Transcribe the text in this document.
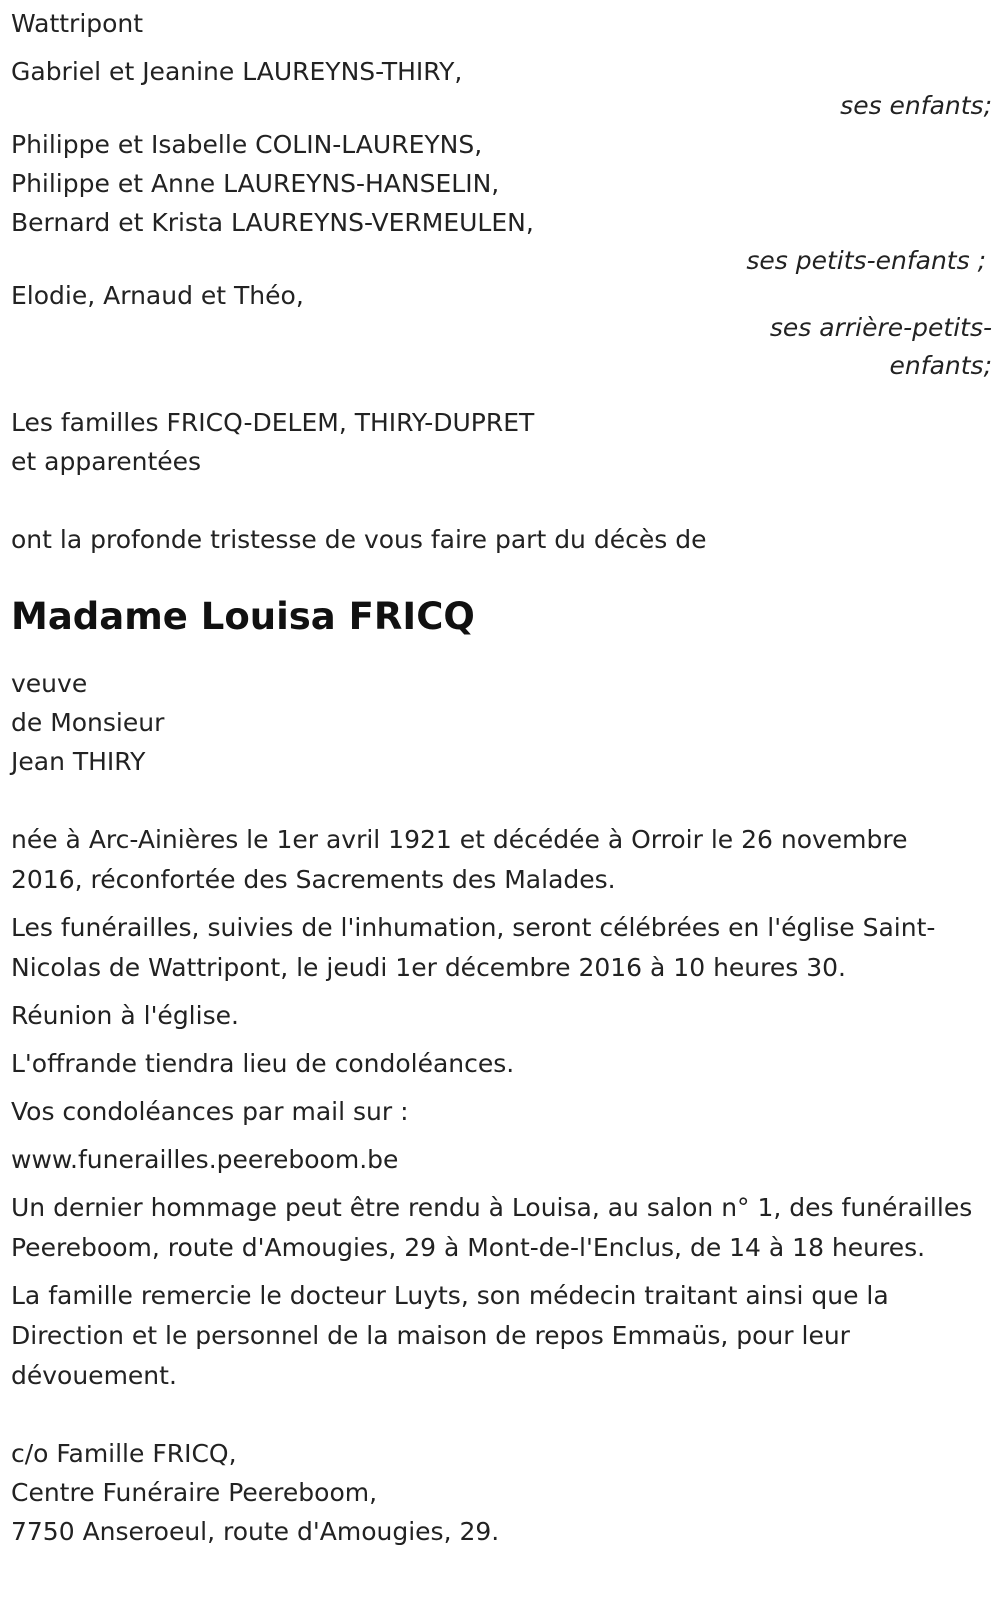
Wattripont
Gabriel et Jeanine LAUREYNS-THIRY,
ses enfants;
Philippe et Isabelle COLIN-LAUREYNS,
Philippe et Anne LAUREYNS-HANSELIN,
Bernard et Krista LAUREYNS-VERMEULEN,
ses petits-enfants ;
Elodie, Arnaud et Théo,
ses arrière-petits-
enfants;
Les familles FRICQ-DELEM, THIRY-DUPRET
et apparentées
ont la profonde tristesse de vous faire part du décès de
Madame Louisa FRICQ
veuve
de Monsieur
Jean THIRY
née à Arc-Ainières le 1er avril 1921 et décédée à Orroir le 26 novembre 2016, réconfortée des Sacrements des Malades.
Les funérailles, suivies de l'inhumation, seront célébrées en l'église Saint-Nicolas de Wattripont, le jeudi 1er décembre 2016 à 10 heures 30.
Réunion à l'église.
L'offrande tiendra lieu de condoléances.
Vos condoléances par mail sur :
www.funerailles.peereboom.be
Un dernier hommage peut être rendu à Louisa, au salon n° 1, des funérailles Peereboom, route d'Amougies, 29 à Mont-de-l'Enclus, de 14 à 18 heures.
La famille remercie le docteur Luyts, son médecin traitant ainsi que la Direction et le personnel de la maison de repos Emmaüs, pour leur dévouement.
c/o Famille FRICQ,
Centre Funéraire Peereboom,
7750 Anseroeul, route d'Amougies, 29.
